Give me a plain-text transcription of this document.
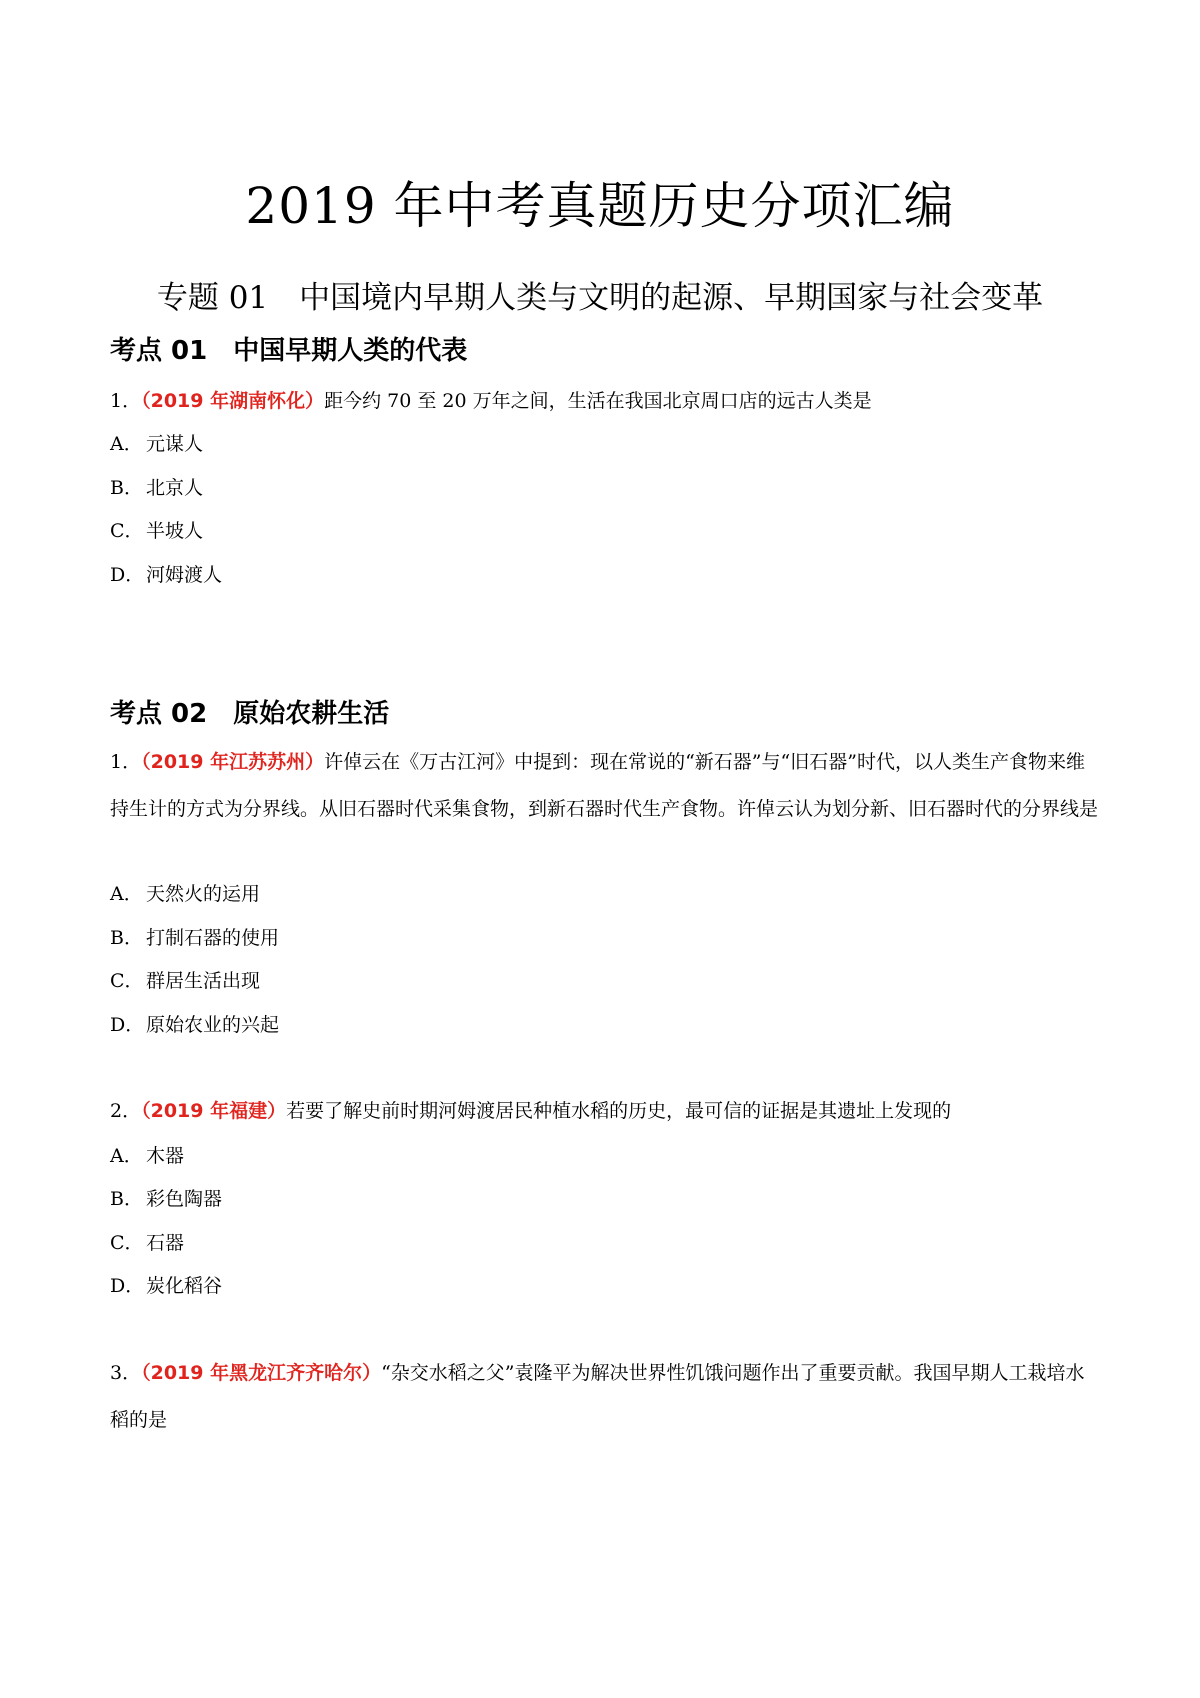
2019 年中考真题历史分项汇编
专题 01　中国境内早期人类与文明的起源、早期国家与社会变革
考点 01　中国早期人类的代表
1．（2019 年湖南怀化）距今约 70 至 20 万年之间，生活在我国北京周口店的远古人类是
A． 元谋人
B． 北京人
C． 半坡人
D．河姆渡人
考点 02　原始农耕生活
1．（2019 年江苏苏州）许倬云在《万古江河》中提到：现在常说的“新石器”与“旧石器”时代，以人类生产食物来维持生计的方式为分界线。从旧石器时代采集食物，到新石器时代生产食物。许倬云认为划分新、旧石器时代的分界线是
A． 天然火的运用
B． 打制石器的使用
C． 群居生活出现
D．原始农业的兴起
2．（2019 年福建）若要了解史前时期河姆渡居民种植水稻的历史，最可信的证据是其遗址上发现的
A． 木器
B． 彩色陶器
C． 石器
D．炭化稻谷
3．（2019 年黑龙江齐齐哈尔）“杂交水稻之父”袁隆平为解决世界性饥饿问题作出了重要贡献。我国早期人工栽培水稻的是
